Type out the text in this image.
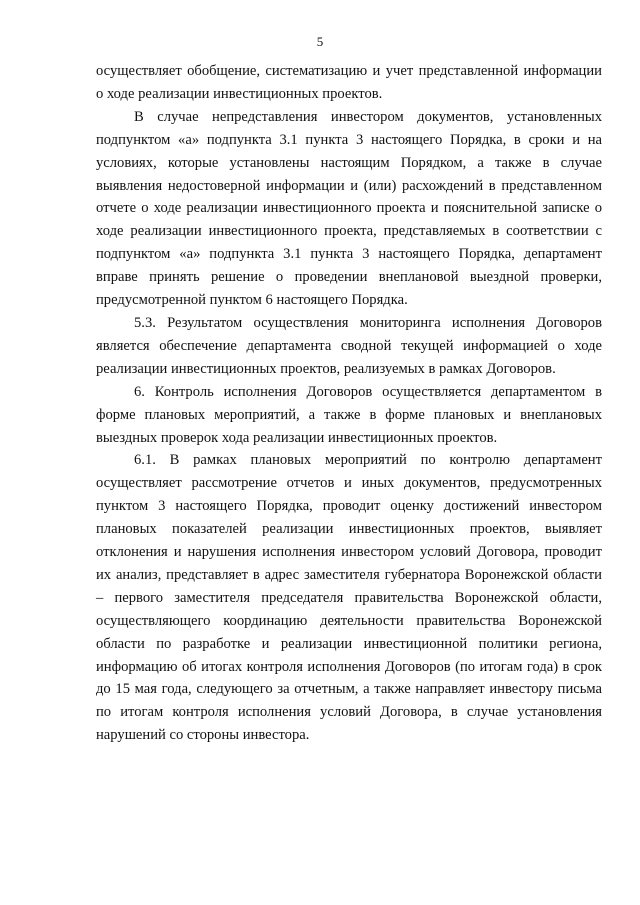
5

осуществляет обобщение, систематизацию и учет представленной информации о ходе реализации инвестиционных проектов.

В случае непредставления инвестором документов, установленных подпунктом «а» подпункта 3.1 пункта 3 настоящего Порядка, в сроки и на условиях, которые установлены настоящим Порядком, а также в случае выявления недостоверной информации и (или) расхождений в представленном отчете о ходе реализации инвестиционного проекта и пояснительной записке о ходе реализации инвестиционного проекта, представляемых в соответствии с подпунктом «а» подпункта 3.1 пункта 3 настоящего Порядка, департамент вправе принять решение о проведении внеплановой выездной проверки, предусмотренной пунктом 6 настоящего Порядка.

5.3. Результатом осуществления мониторинга исполнения Договоров является обеспечение департамента сводной текущей информацией о ходе реализации инвестиционных проектов, реализуемых в рамках Договоров.

6. Контроль исполнения Договоров осуществляется департаментом в форме плановых мероприятий, а также в форме плановых и внеплановых выездных проверок хода реализации инвестиционных проектов.

6.1. В рамках плановых мероприятий по контролю департамент осуществляет рассмотрение отчетов и иных документов, предусмотренных пунктом 3 настоящего Порядка, проводит оценку достижений инвестором плановых показателей реализации инвестиционных проектов, выявляет отклонения и нарушения исполнения инвестором условий Договора, проводит их анализ, представляет в адрес заместителя губернатора Воронежской области – первого заместителя председателя правительства Воронежской области, осуществляющего координацию деятельности правительства Воронежской области по разработке и реализации инвестиционной политики региона, информацию об итогах контроля исполнения Договоров (по итогам года) в срок до 15 мая года, следующего за отчетным, а также направляет инвестору письма по итогам контроля исполнения условий Договора, в случае установления нарушений со стороны инвестора.
